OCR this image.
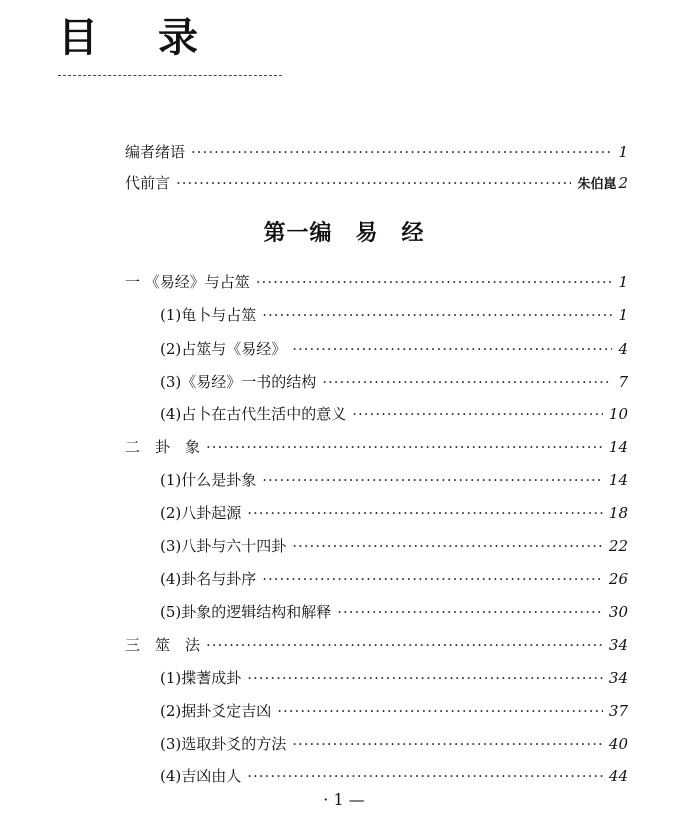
目 录
编者绪语 ·····	1
代前言 ·····	朱伯崑 2
第一编　易　经
一 《易经》与占筮 ·····	1
(1)龟卜与占筮 ·····	1
(2)占筮与《易经》 ·····	4
(3)《易经》一书的结构 ·····	7
(4)占卜在古代生活中的意义 ·····	10
二　卦　象 ·····	14
(1)什么是卦象 ·····	14
(2)八卦起源 ·····	18
(3)八卦与六十四卦 ·····	22
(4)卦名与卦序 ·····	26
(5)卦象的逻辑结构和解释 ·····	30
三　筮　法 ·····	34
(1)揲蓍成卦 ·····	34
(2)据卦爻定吉凶 ·····	37
(3)选取卦爻的方法 ·····	40
(4)吉凶由人 ·····	44
· 1 —
